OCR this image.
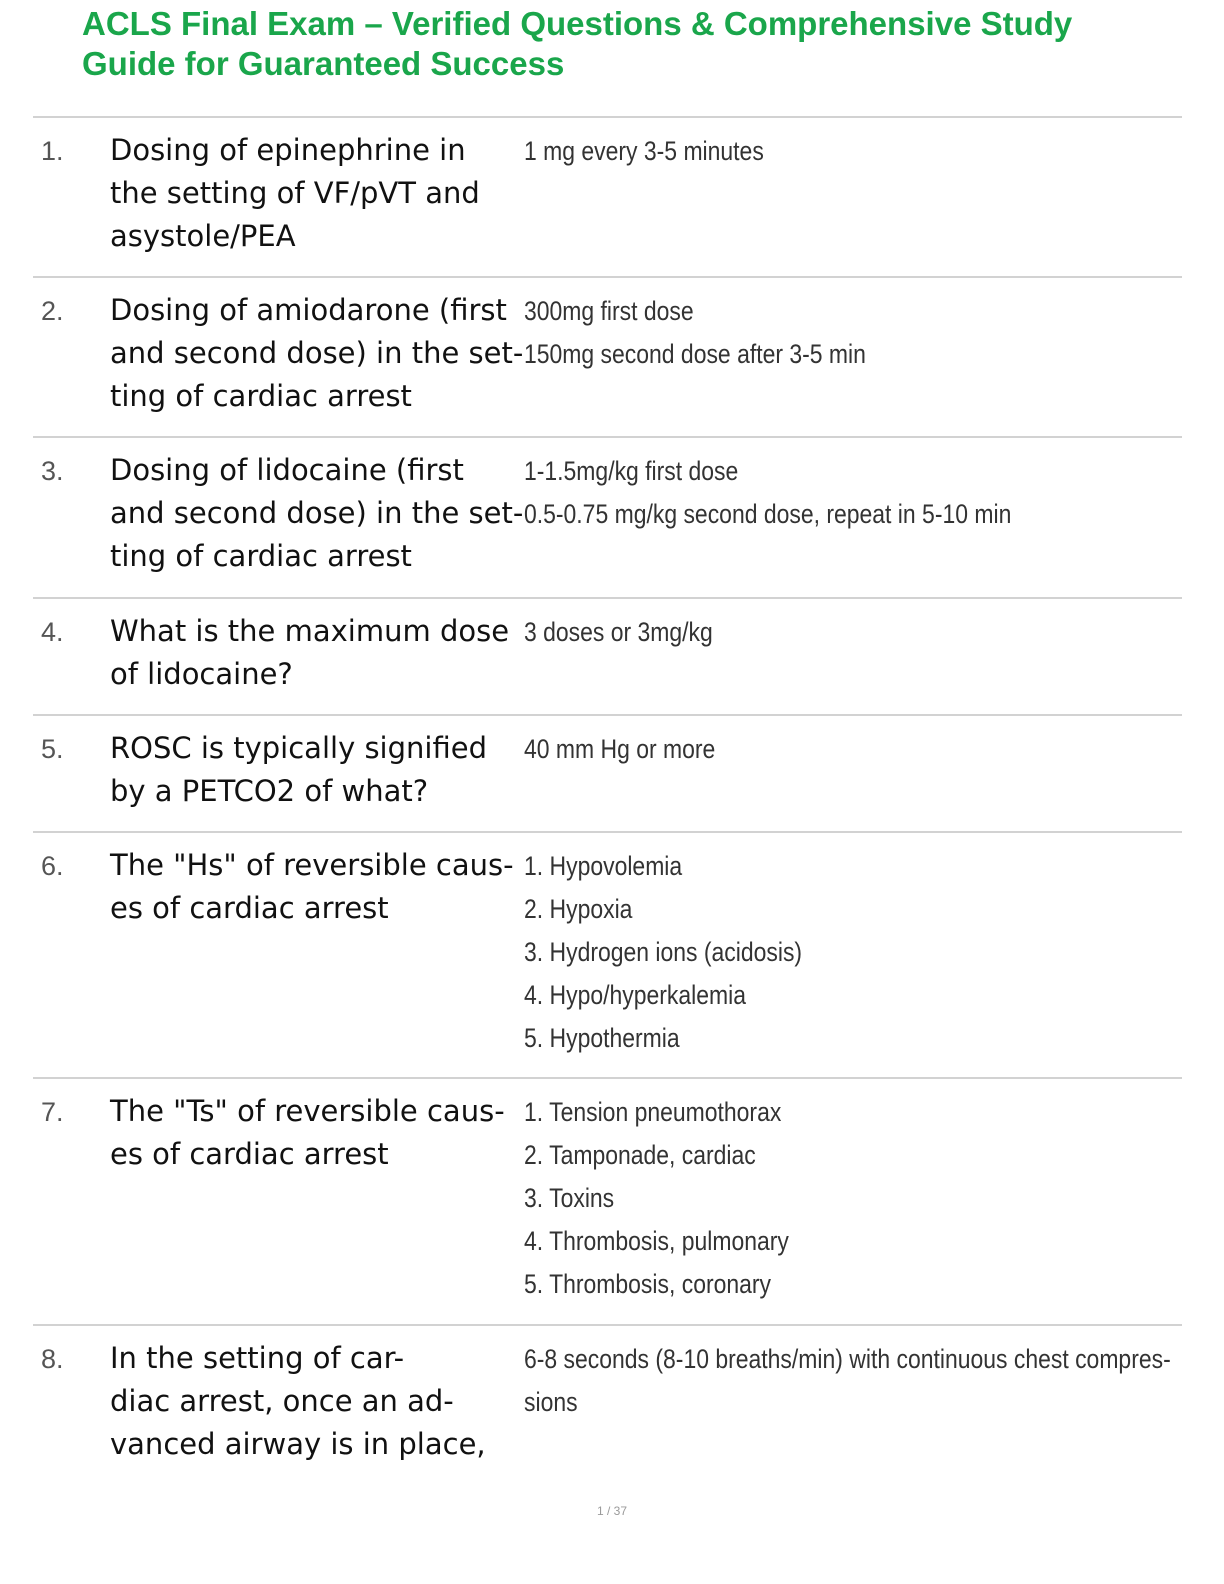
ACLS Final Exam – Verified Questions & Comprehensive Study
Guide for Guaranteed Success
1. Dosing of epinephrine in
the setting of VF/pVT and
asystole/PEA
1 mg every 3-5 minutes
2. Dosing of amiodarone (first
and second dose) in the set-
ting of cardiac arrest
300mg first dose
150mg second dose after 3-5 min
3. Dosing of lidocaine (first
and second dose) in the set-
ting of cardiac arrest
1-1.5mg/kg first dose
0.5-0.75 mg/kg second dose, repeat in 5-10 min
4. What is the maximum dose
of lidocaine?
3 doses or 3mg/kg
5. ROSC is typically signified
by a PETCO2 of what?
40 mm Hg or more
6. The "Hs" of reversible caus-
es of cardiac arrest
1. Hypovolemia
2. Hypoxia
3. Hydrogen ions (acidosis)
4. Hypo/hyperkalemia
5. Hypothermia
7. The "Ts" of reversible caus-
es of cardiac arrest
1. Tension pneumothorax
2. Tamponade, cardiac
3. Toxins
4. Thrombosis, pulmonary
5. Thrombosis, coronary
8. In the setting of car-
diac arrest, once an ad-
vanced airway is in place,
6-8 seconds (8-10 breaths/min) with continuous chest compres-
sions
1 / 37
